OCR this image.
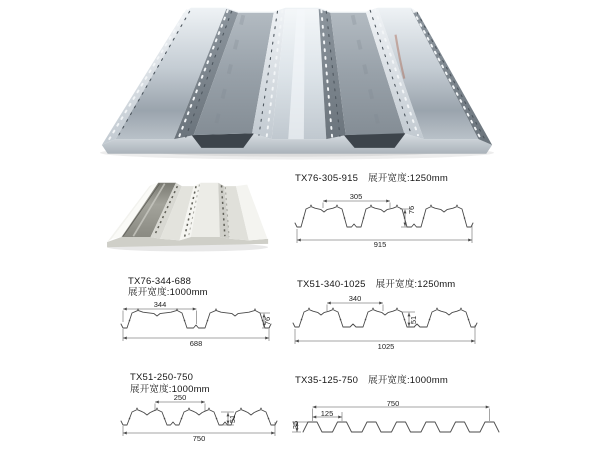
TX76-305-915 展开宽度:1250mm
305
76
915
TX76-344-688
展开宽度:1000mm
344
76
688
TX51-340-1025 展开宽度:1250mm
340
51
1025
TX51-250-750
展开宽度:1000mm
250
51
750
TX35-125-750 展开宽度:1000mm
750
125
35
